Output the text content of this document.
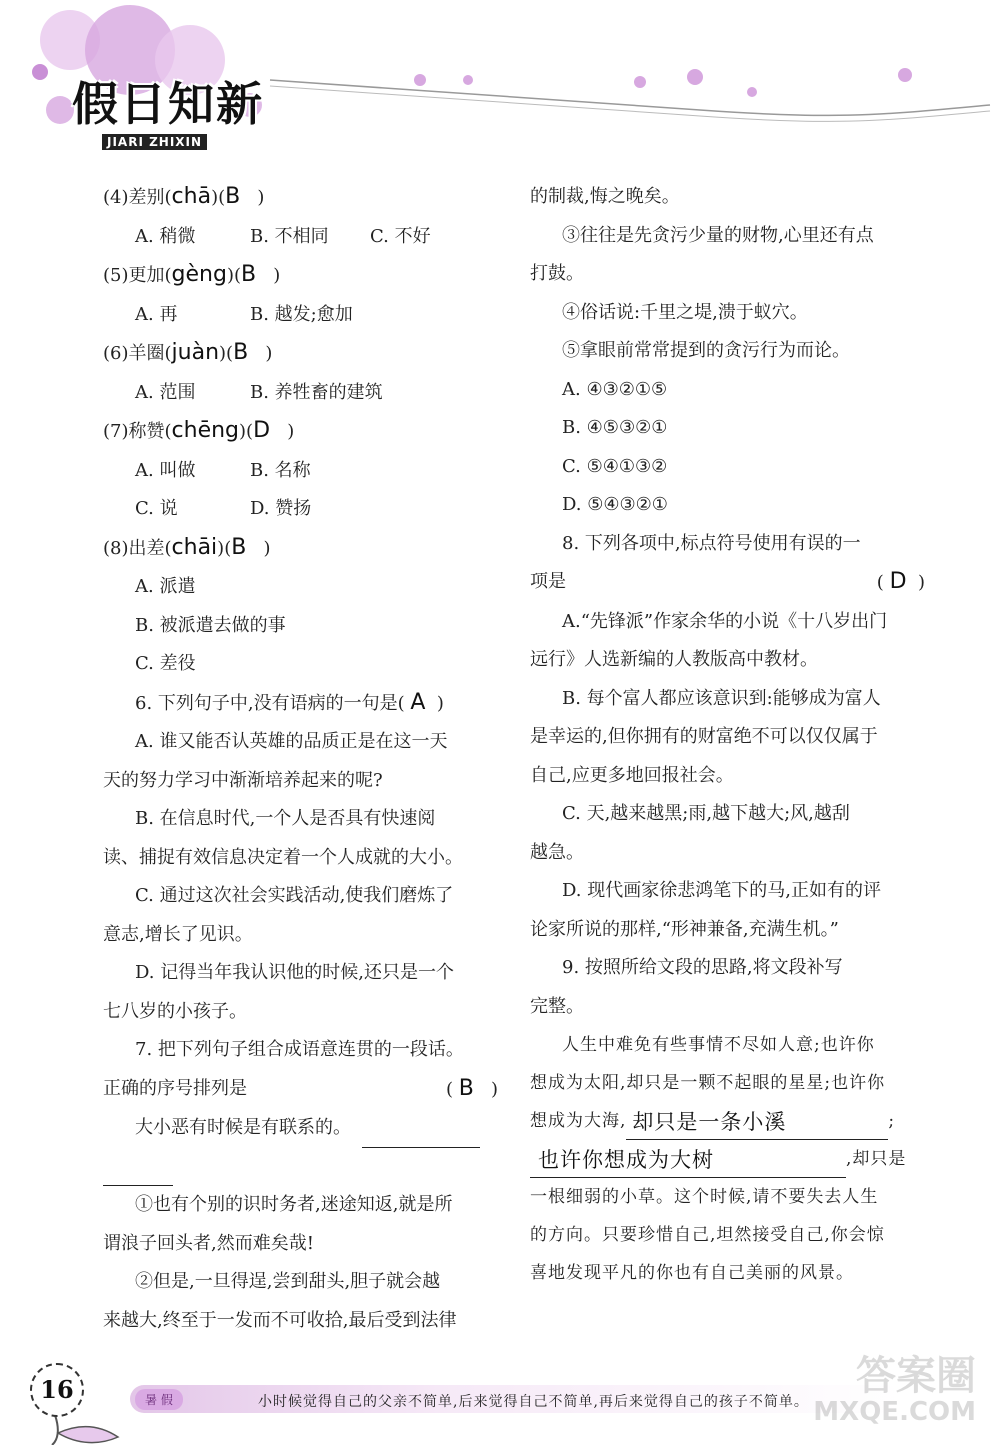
假日知新
JIARI ZHIXIN

(4)差别(chā)(B )

A. 稍微	B. 不相同 C. 不好

(5)更加(gèng)(B )

A. 再	B. 越发;愈加

(6)羊圈(juàn)(B )

A. 范围	B. 养牲畜的建筑

(7)称赞(chēng)(D )

A. 叫做	B. 名称

C. 说	D. 赞扬

(8)出差(chāi)(B )

A. 派遣

B. 被派遣去做的事

C. 差役

6. 下列句子中,没有语病的一句是( A )

A. 谁又能否认英雄的品质正是在这一天

天的努力学习中渐渐培养起来的呢?

B. 在信息时代,一个人是否具有快速阅

读、捕捉有效信息决定着一个人成就的大小。

C. 通过这次社会实践活动,使我们磨炼了

意志,增长了见识。

D. 记得当年我认识他的时候,还只是一个

七八岁的小孩子。

7. 把下列句子组合成语意连贯的一段话。

正确的序号排列是	( B )

大小恶有时候是有联系的。

①也有个别的识时务者,迷途知返,就是所

谓浪子回头者,然而难矣哉!

②但是,一旦得逞,尝到甜头,胆子就会越

来越大,终至于一发而不可收拾,最后受到法律

的制裁,悔之晚矣。

③往往是先贪污少量的财物,心里还有点

打鼓。

④俗话说:千里之堤,溃于蚁穴。

⑤拿眼前常常提到的贪污行为而论。

A. ④③②①⑤

B. ④⑤③②①

C. ⑤④①③②

D. ⑤④③②①

8. 下列各项中,标点符号使用有误的一

项是	( D )

A.“先锋派”作家余华的小说《十八岁出门

远行》人选新编的人教版高中教材。

B. 每个富人都应该意识到:能够成为富人

是幸运的,但你拥有的财富绝不可以仅仅属于

自己,应更多地回报社会。

C. 天,越来越黑;雨,越下越大;风,越刮

越急。

D. 现代画家徐悲鸿笔下的马,正如有的评

论家所说的那样,“形神兼备,充满生机。”

9. 按照所给文段的思路,将文段补写

完整。

人生中难免有些事情不尽如人意;也许你

想成为太阳,却只是一颗不起眼的星星;也许你

想成为大海, 却只是一条小溪	;

也许你想成为大树	,却只是

一根细弱的小草。这个时候,请不要失去人生

的方向。只要珍惜自己,坦然接受自己,你会惊

喜地发现平凡的你也有自己美丽的风景。

16	暑 假	小时候觉得自己的父亲不简单,后来觉得自己不简单,再后来觉得自己的孩子不简单。
答案圈
MXQE.COM
